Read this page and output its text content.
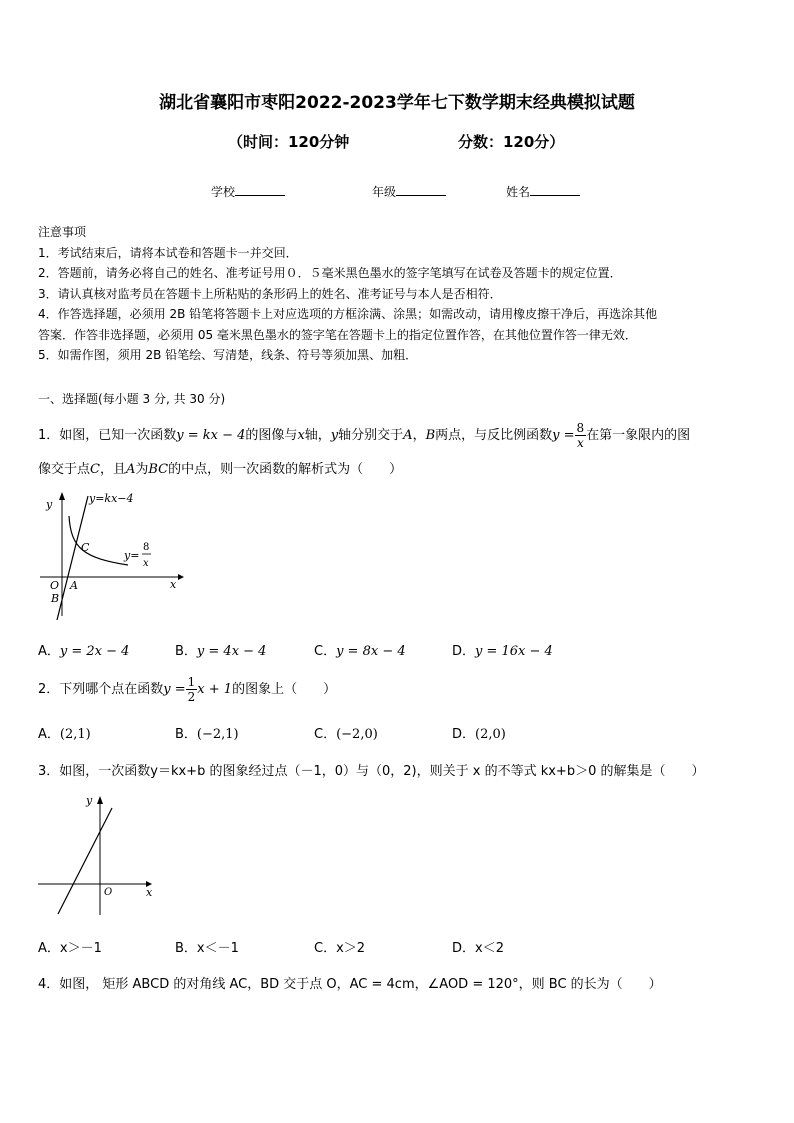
湖北省襄阳市枣阳2022-2023学年七下数学期末经典模拟试题
（时间：120分钟	分数：120分）
学校	年级	姓名
注意事项
1．考试结束后，请将本试卷和答题卡一并交回．
2．答题前，请务必将自己的姓名、准考证号用０．５毫米黑色墨水的签字笔填写在试卷及答题卡的规定位置．
3．请认真核对监考员在答题卡上所粘贴的条形码上的姓名、准考证号与本人是否相符．
4．作答选择题，必须用 2B 铅笔将答题卡上对应选项的方框涂满、涂黑；如需改动，请用橡皮擦干净后，再选涂其他
答案．作答非选择题，必须用 05 毫米黑色墨水的签字笔在答题卡上的指定位置作答，在其他位置作答一律无效．
5．如需作图，须用 2B 铅笔绘、写清楚，线条、符号等须加黑、加粗．
一、选择题(每小题 3 分, 共 30 分)
1．如图，已知一次函数y = kx − 4的图像与x轴，y轴分别交于A，B两点，与反比例函数$y = \frac{8}{x}$ 在第一象限内的图
像交于点C，且A为BC的中点，则一次函数的解析式为（　　）
y	y=kx−4
y=
8
x
C
O A	x
B
A．y = 2x − 4	B．y = 4x − 4	C．y = 8x − 4	D．y = 16x − 4
2．下列哪个点在函数$y = \frac{1}{2}$ x + 1的图象上（　　）
A．(2,1)	B．(−2,1)	C．(−2,0)	D．(2,0)
3．如图，一次函数y＝kx+b 的图象经过点（－1，0）与（0，2)，则关于 x 的不等式 kx+b＞0 的解集是（　　）
y
O	x
A．x＞－1	B．x＜－1	C．x＞2	D．x＜2
4．如图， 矩形 ABCD 的对角线 AC，BD 交于点 O，AC = 4cm，∠AOD = 120°，则 BC 的长为（　　）
